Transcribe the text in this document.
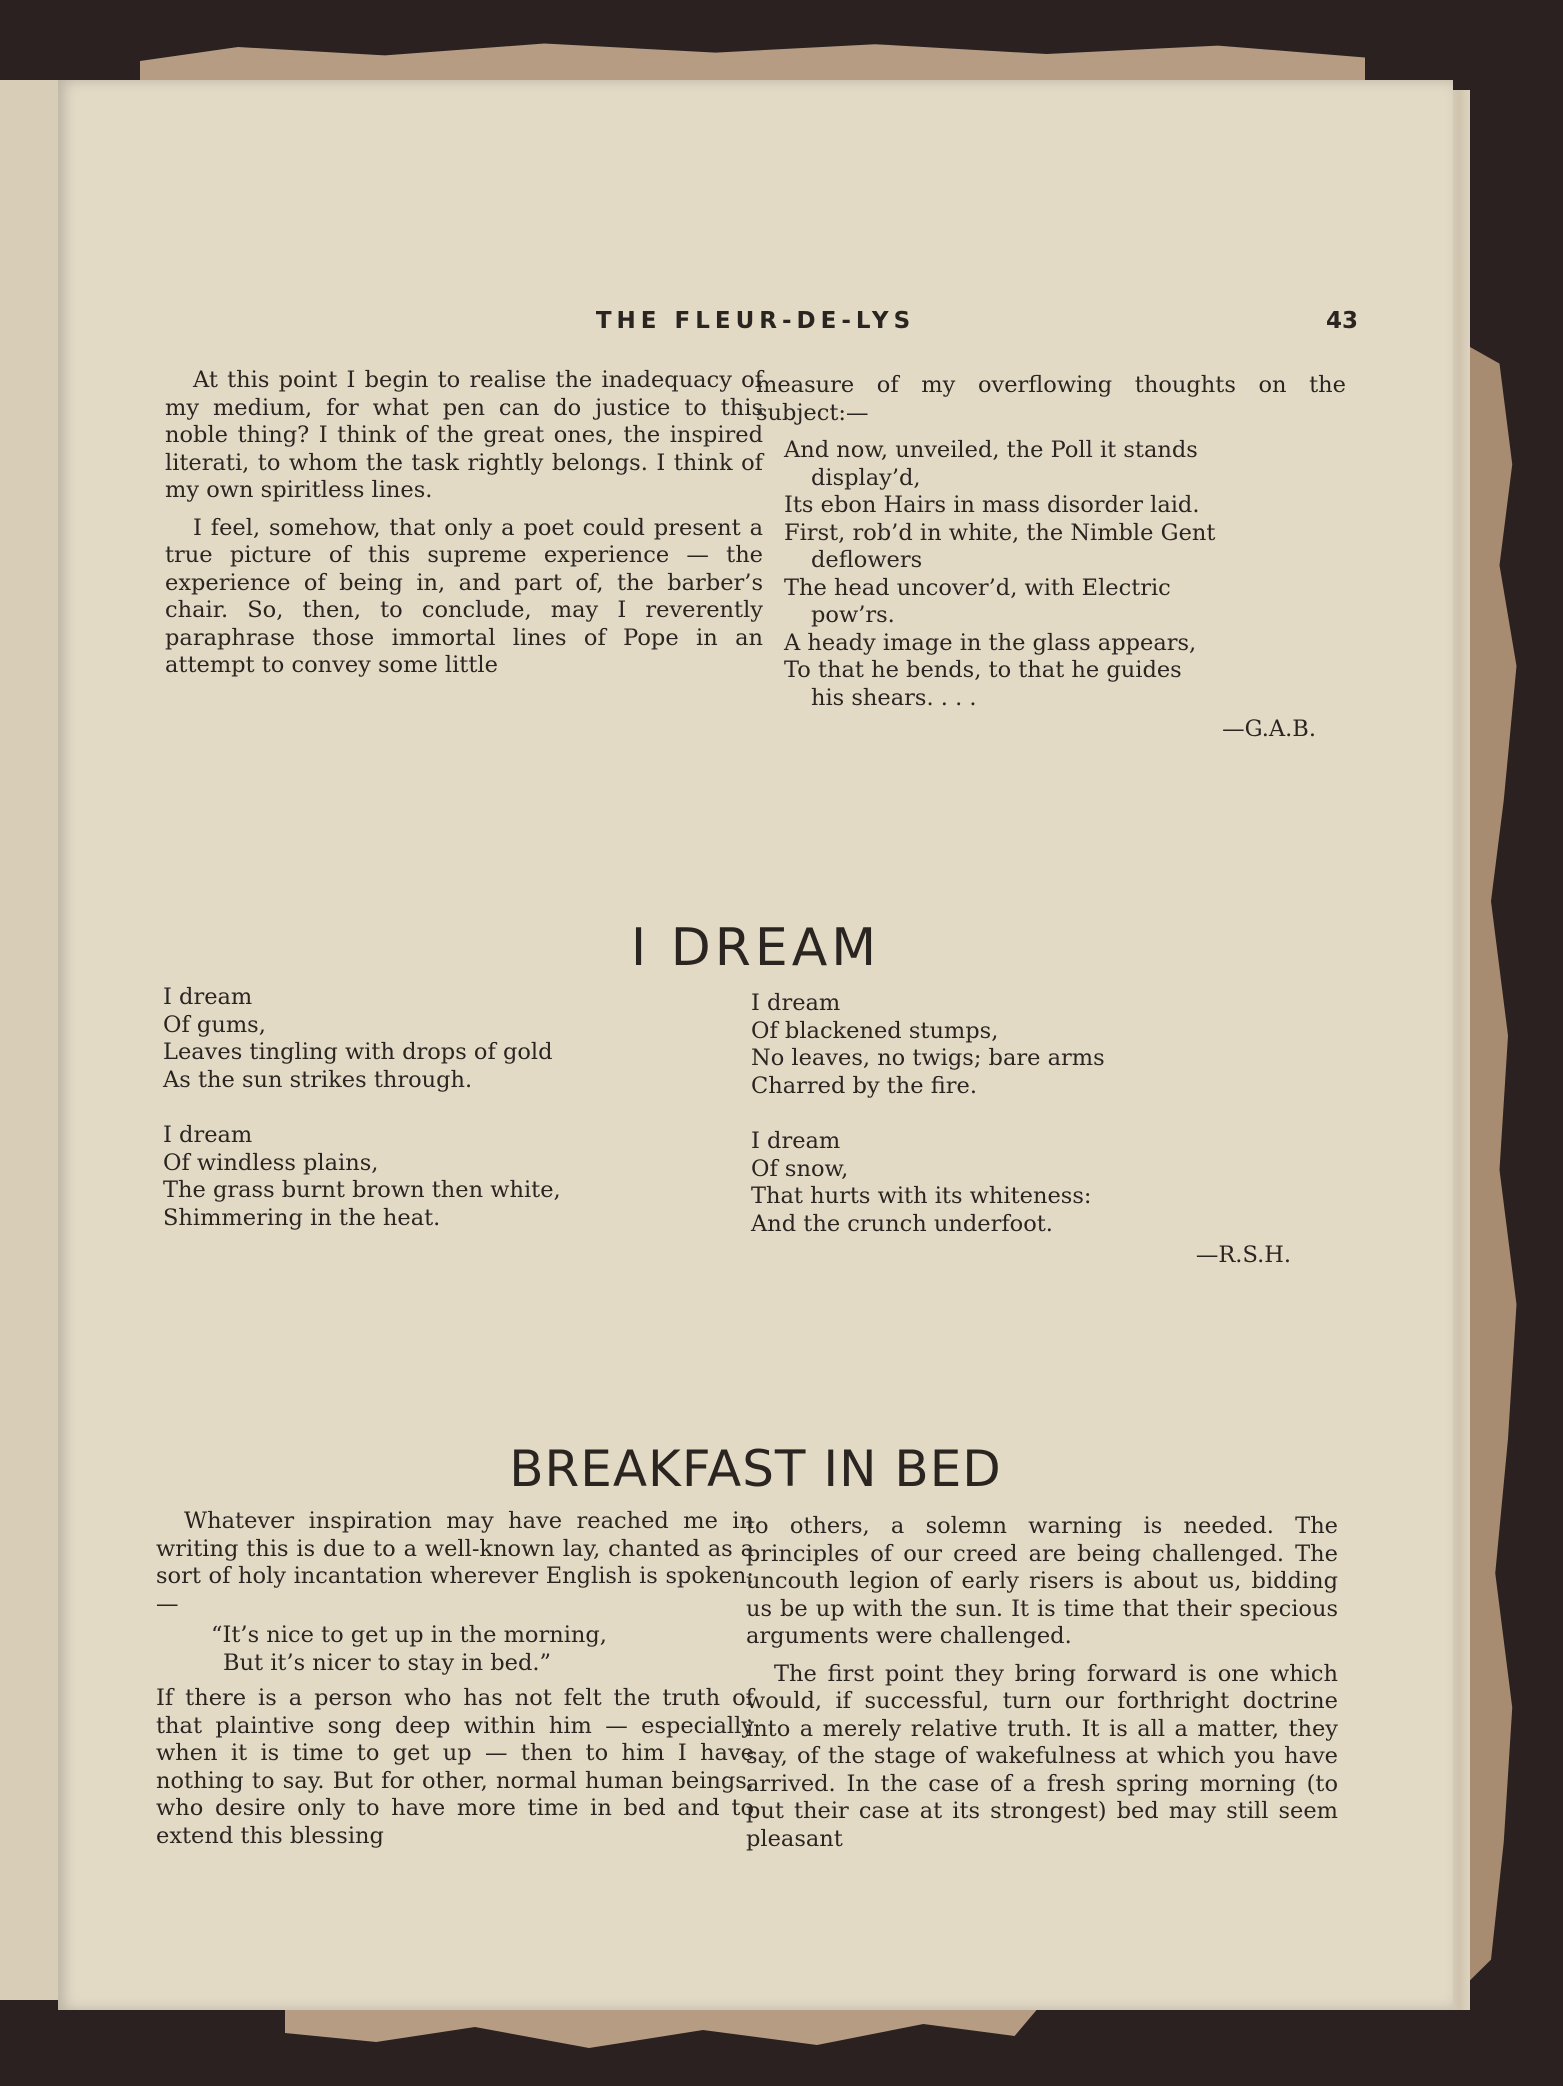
THE FLEUR-DE-LYS	43

At this point I begin to realise the inadequacy of my medium, for what pen can do justice to this noble thing? I think of the great ones, the inspired literati, to whom the task rightly belongs. I think of my own spiritless lines.

I feel, somehow, that only a poet could present a true picture of this supreme experience — the experience of being in, and part of, the barber’s chair. So, then, to conclude, may I reverently paraphrase those immortal lines of Pope in an attempt to convey some little

measure of my overflowing thoughts on the subject:—

And now, unveiled, the Poll it stands
display’d,
Its ebon Hairs in mass disorder laid.
First, rob’d in white, the Nimble Gent
deflowers
The head uncover’d, with Electric
pow’rs.
A heady image in the glass appears,
To that he bends, to that he guides
his shears. . . .
—G.A.B.
I DREAM
I dream
Of gums,
Leaves tingling with drops of gold
As the sun strikes through.
I dream
Of windless plains,
The grass burnt brown then white,
Shimmering in the heat.
I dream
Of blackened stumps,
No leaves, no twigs; bare arms
Charred by the fire.
I dream
Of snow,
That hurts with its whiteness:
And the crunch underfoot.
—R.S.H.
BREAKFAST IN BED

Whatever inspiration may have reached me in writing this is due to a well-known lay, chanted as a sort of holy incantation wherever English is spoken:—

“It’s nice to get up in the morning,
But it’s nicer to stay in bed.”

If there is a person who has not felt the truth of that plaintive song deep within him — especially when it is time to get up — then to him I have nothing to say. But for other, normal human beings, who desire only to have more time in bed and to extend this blessing

to others, a solemn warning is needed. The principles of our creed are being challenged. The uncouth legion of early risers is about us, bidding us be up with the sun. It is time that their specious arguments were challenged.

The first point they bring forward is one which would, if successful, turn our forthright doctrine into a merely relative truth. It is all a matter, they say, of the stage of wakefulness at which you have arrived. In the case of a fresh spring morning (to put their case at its strongest) bed may still seem pleasant
